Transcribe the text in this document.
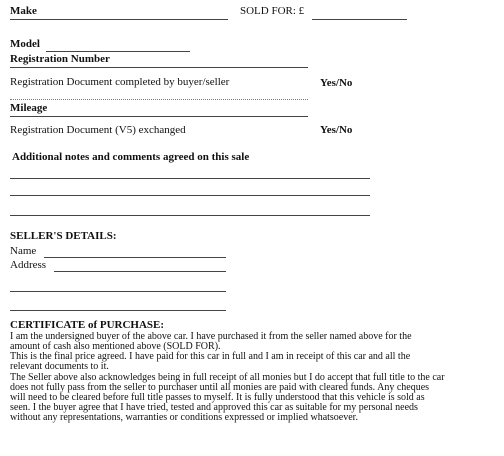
Make	SOLD FOR: £
Model
Registration Number
Registration Document completed by buyer/seller	Yes/No
Mileage
Registration Document (V5) exchanged	Yes/No
Additional notes and comments agreed on this sale
SELLER'S DETAILS:
Name
Address
CERTIFICATE of PURCHASE:
I am the undersigned buyer of the above car. I have purchased it from the seller named above for the
amount of cash also mentioned above (SOLD FOR).
This is the final price agreed. I have paid for this car in full and I am in receipt of this car and all the
relevant documents to it.
The Seller above also acknowledges being in full receipt of all monies but I do accept that full title to the car
does not fully pass from the seller to purchaser until all monies are paid with cleared funds. Any cheques
will need to be cleared before full title passes to myself. It is fully understood that this vehicle is sold as
seen. I the buyer agree that I have tried, tested and approved this car as suitable for my personal needs
without any representations, warranties or conditions expressed or implied whatsoever.
